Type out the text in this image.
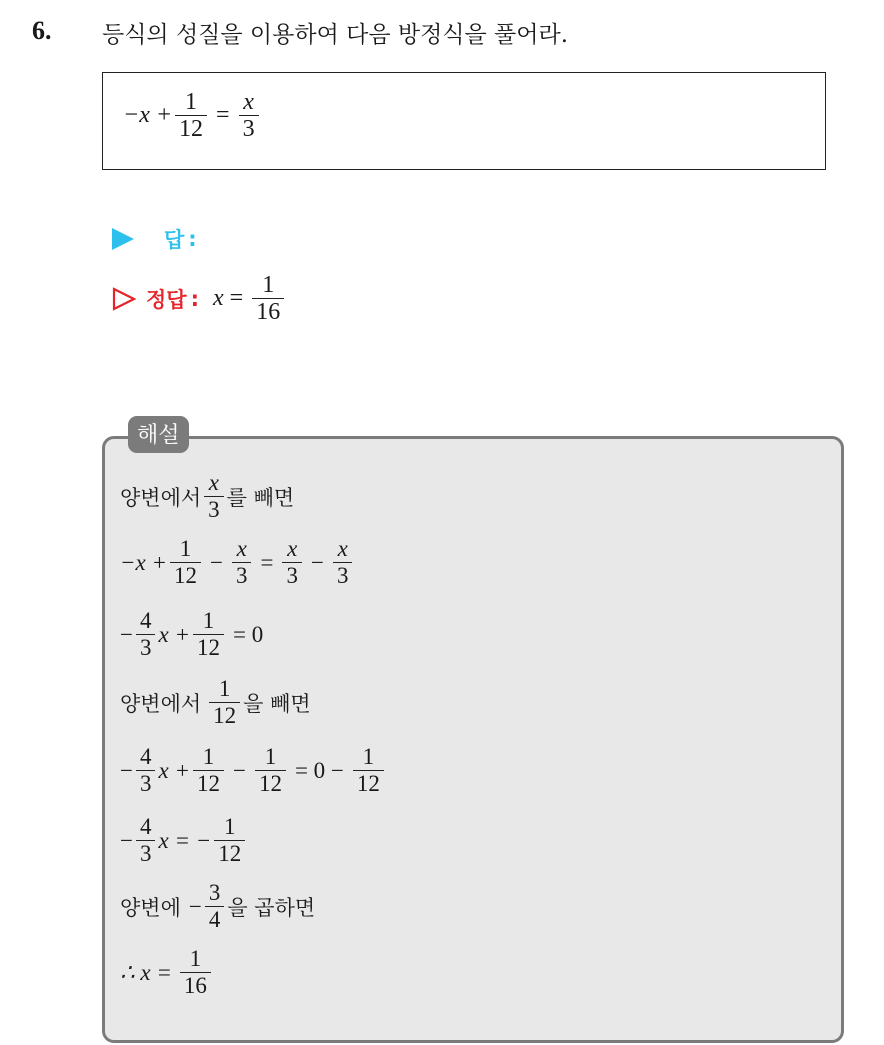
6. 등식의 성질을 이용하여 다음 방정식을 풀어라.
$-x + \frac{1}{12} = \frac{x}{3}$
답 :
정답 : $x = \frac{1}{16}$
해설
양변에서 $\frac{x}{3}$ 를 빼면
$-x + \frac{1}{12} - \frac{x}{3} = \frac{x}{3} - \frac{x}{3}$
− $\frac{4}{3}$ $x + \frac{1}{12} = 0$
양변에서 $\frac{1}{12}$ 을 빼면
− $\frac{4}{3}$ $x + \frac{1}{12} - \frac{1}{12} = 0 - \frac{1}{12}$
− $\frac{4}{3}$ x = − $\frac{1}{12}$
양변에 − $\frac{3}{4}$ 을 곱하면
∴ $x = \frac{1}{16}$
